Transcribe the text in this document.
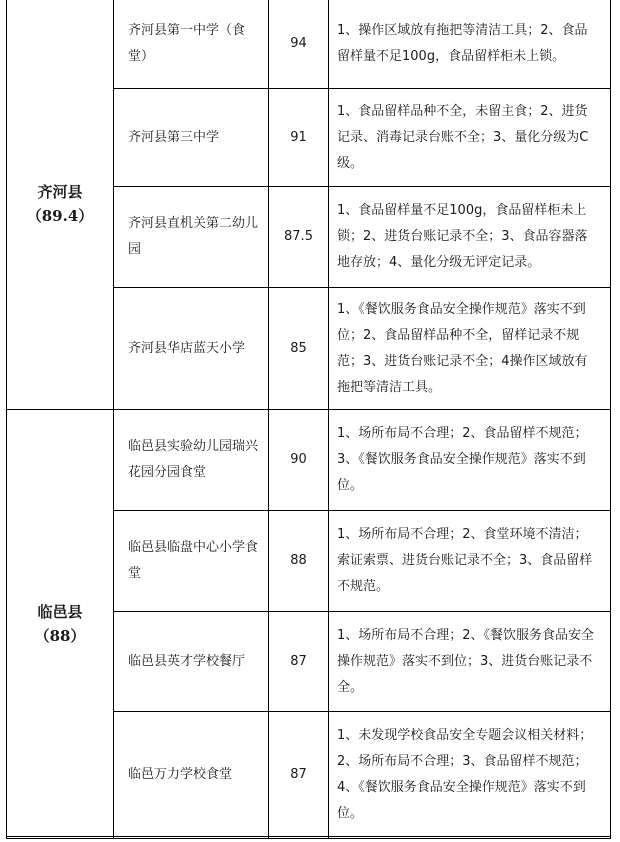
齐河县
（89.4）	齐河县第一中学（食堂）	94	1、操作区域放有拖把等清洁工具；2、食品留样量不足100g，食品留样柜未上锁。
	齐河县第三中学	91	1、食品留样品种不全，未留主食；2、进货记录、消毒记录台账不全；3、量化分级为C级。
	齐河县直机关第二幼儿园	87.5	1、食品留样量不足100g，食品留样柜未上锁；2、进货台账记录不全；3、食品容器落地存放；4、量化分级无评定记录。
	齐河县华店蓝天小学	85	1、《餐饮服务食品安全操作规范》落实不到位；2、食品留样品种不全，留样记录不规范；3、进货台账记录不全；4操作区域放有拖把等清洁工具。

临邑县
（88）	临邑县实验幼儿园瑞兴花园分园食堂	90	1、场所布局不合理；2、食品留样不规范；3、《餐饮服务食品安全操作规范》落实不到位。
	临邑县临盘中心小学食堂	88	1、场所布局不合理；2、食堂环境不清洁；索证索票、进货台账记录不全；3、食品留样不规范。
	临邑县英才学校餐厅	87	1、场所布局不合理；2、《餐饮服务食品安全操作规范》落实不到位；3、进货台账记录不全。
	临邑万力学校食堂	87	1、未发现学校食品安全专题会议相关材料；2、场所布局不合理；3、食品留样不规范；4、《餐饮服务食品安全操作规范》落实不到位。
